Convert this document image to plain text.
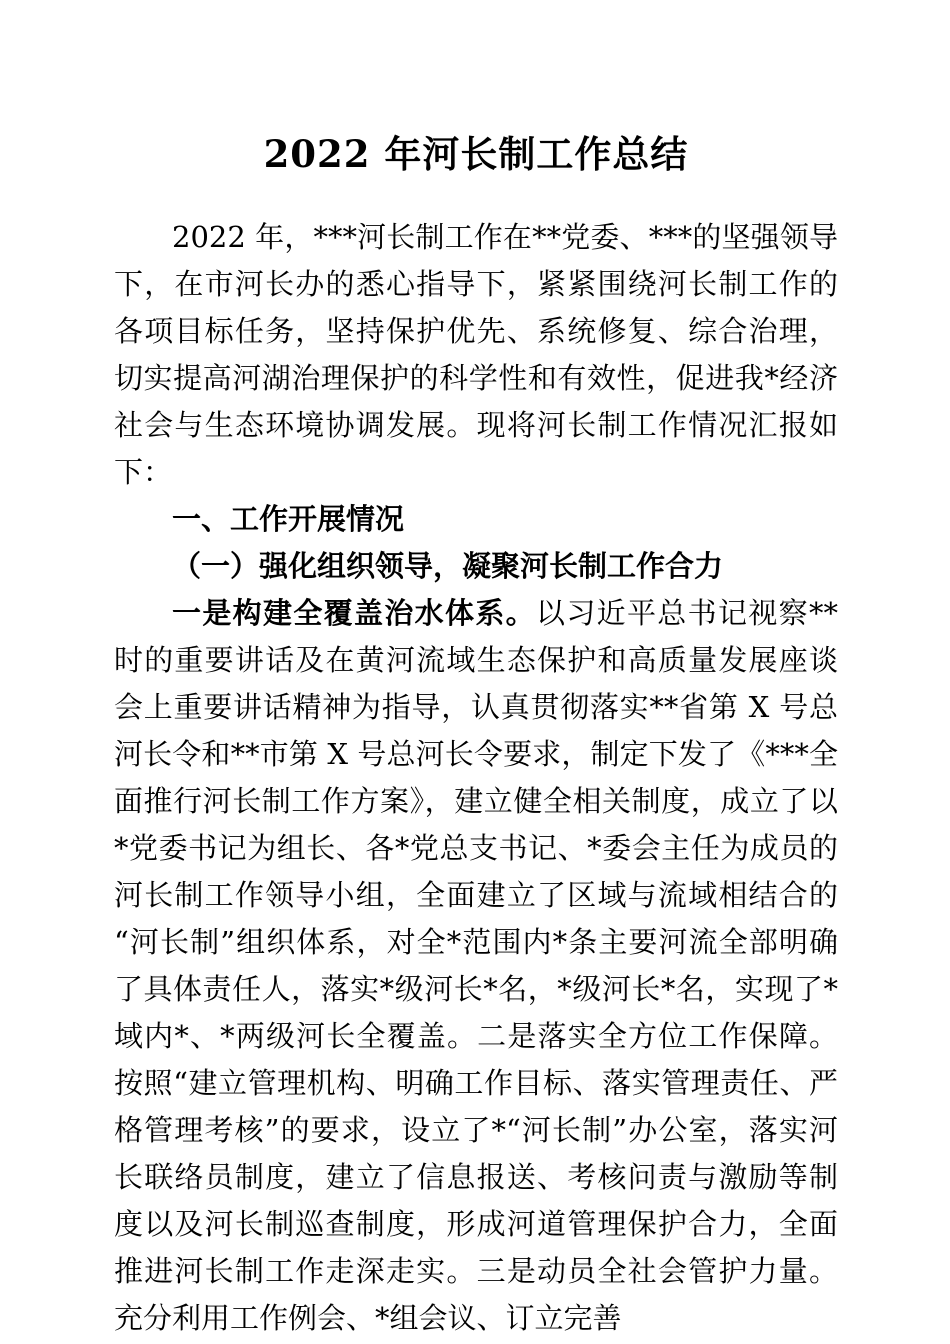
2022 年河长制工作总结

2022 年，***河长制工作在**党委、***的坚强领导下，在市河长办的悉心指导下，紧紧围绕河长制工作的各项目标任务，坚持保护优先、系统修复、综合治理，切实提高河湖治理保护的科学性和有效性，促进我*经济社会与生态环境协调发展。现将河长制工作情况汇报如下：

一、工作开展情况

（一）强化组织领导，凝聚河长制工作合力

一是构建全覆盖治水体系。以习近平总书记视察**时的重要讲话及在黄河流域生态保护和高质量发展座谈会上重要讲话精神为指导，认真贯彻落实**省第 X 号总河长令和**市第 X 号总河长令要求，制定下发了《***全面推行河长制工作方案》，建立健全相关制度，成立了以*党委书记为组长、各*党总支书记、*委会主任为成员的河长制工作领导小组，全面建立了区域与流域相结合的“河长制”组织体系，对全*范围内*条主要河流全部明确了具体责任人，落实*级河长*名，*级河长*名，实现了*域内*、*两级河长全覆盖。二是落实全方位工作保障。按照“建立管理机构、明确工作目标、落实管理责任、严格管理考核”的要求，设立了*“河长制”办公室，落实河长联络员制度，建立了信息报送、考核问责与激励等制度以及河长制巡查制度，形成河道管理保护合力，全面推进河长制工作走深走实。三是动员全社会管护力量。充分利用工作例会、*组会议、订立完善
